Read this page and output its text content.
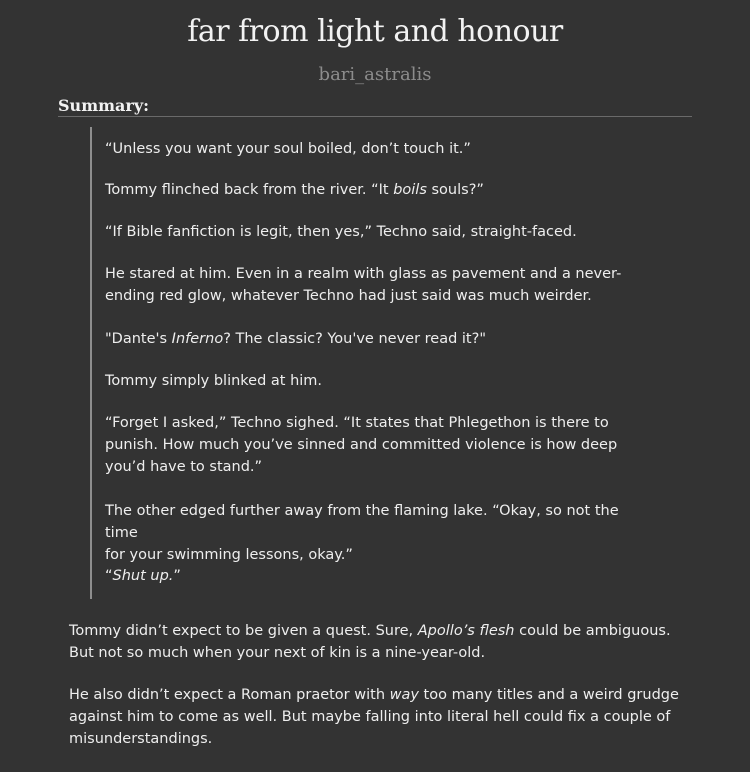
far from light and honour
bari_astralis
Summary:

“Unless you want your soul boiled, don’t touch it.”

Tommy flinched back from the river. “It boils souls?”

“If Bible fanfiction is legit, then yes,” Techno said, straight-faced.

He stared at him. Even in a realm with glass as pavement and a never-
ending red glow, whatever Techno had just said was much weirder.

"Dante's Inferno? The classic? You've never read it?"

Tommy simply blinked at him.

“Forget I asked,” Techno sighed. “It states that Phlegethon is there to
punish. How much you’ve sinned and committed violence is how deep
you’d have to stand.”

The other edged further away from the flaming lake. “Okay, so not the time
for your swimming lessons, okay.”

“Shut up.”

Tommy didn’t expect to be given a quest. Sure, Apollo’s flesh could be ambiguous.
But not so much when your next of kin is a nine-year-old.

He also didn’t expect a Roman praetor with way too many titles and a weird grudge
against him to come as well. But maybe falling into literal hell could fix a couple of
misunderstandings.
